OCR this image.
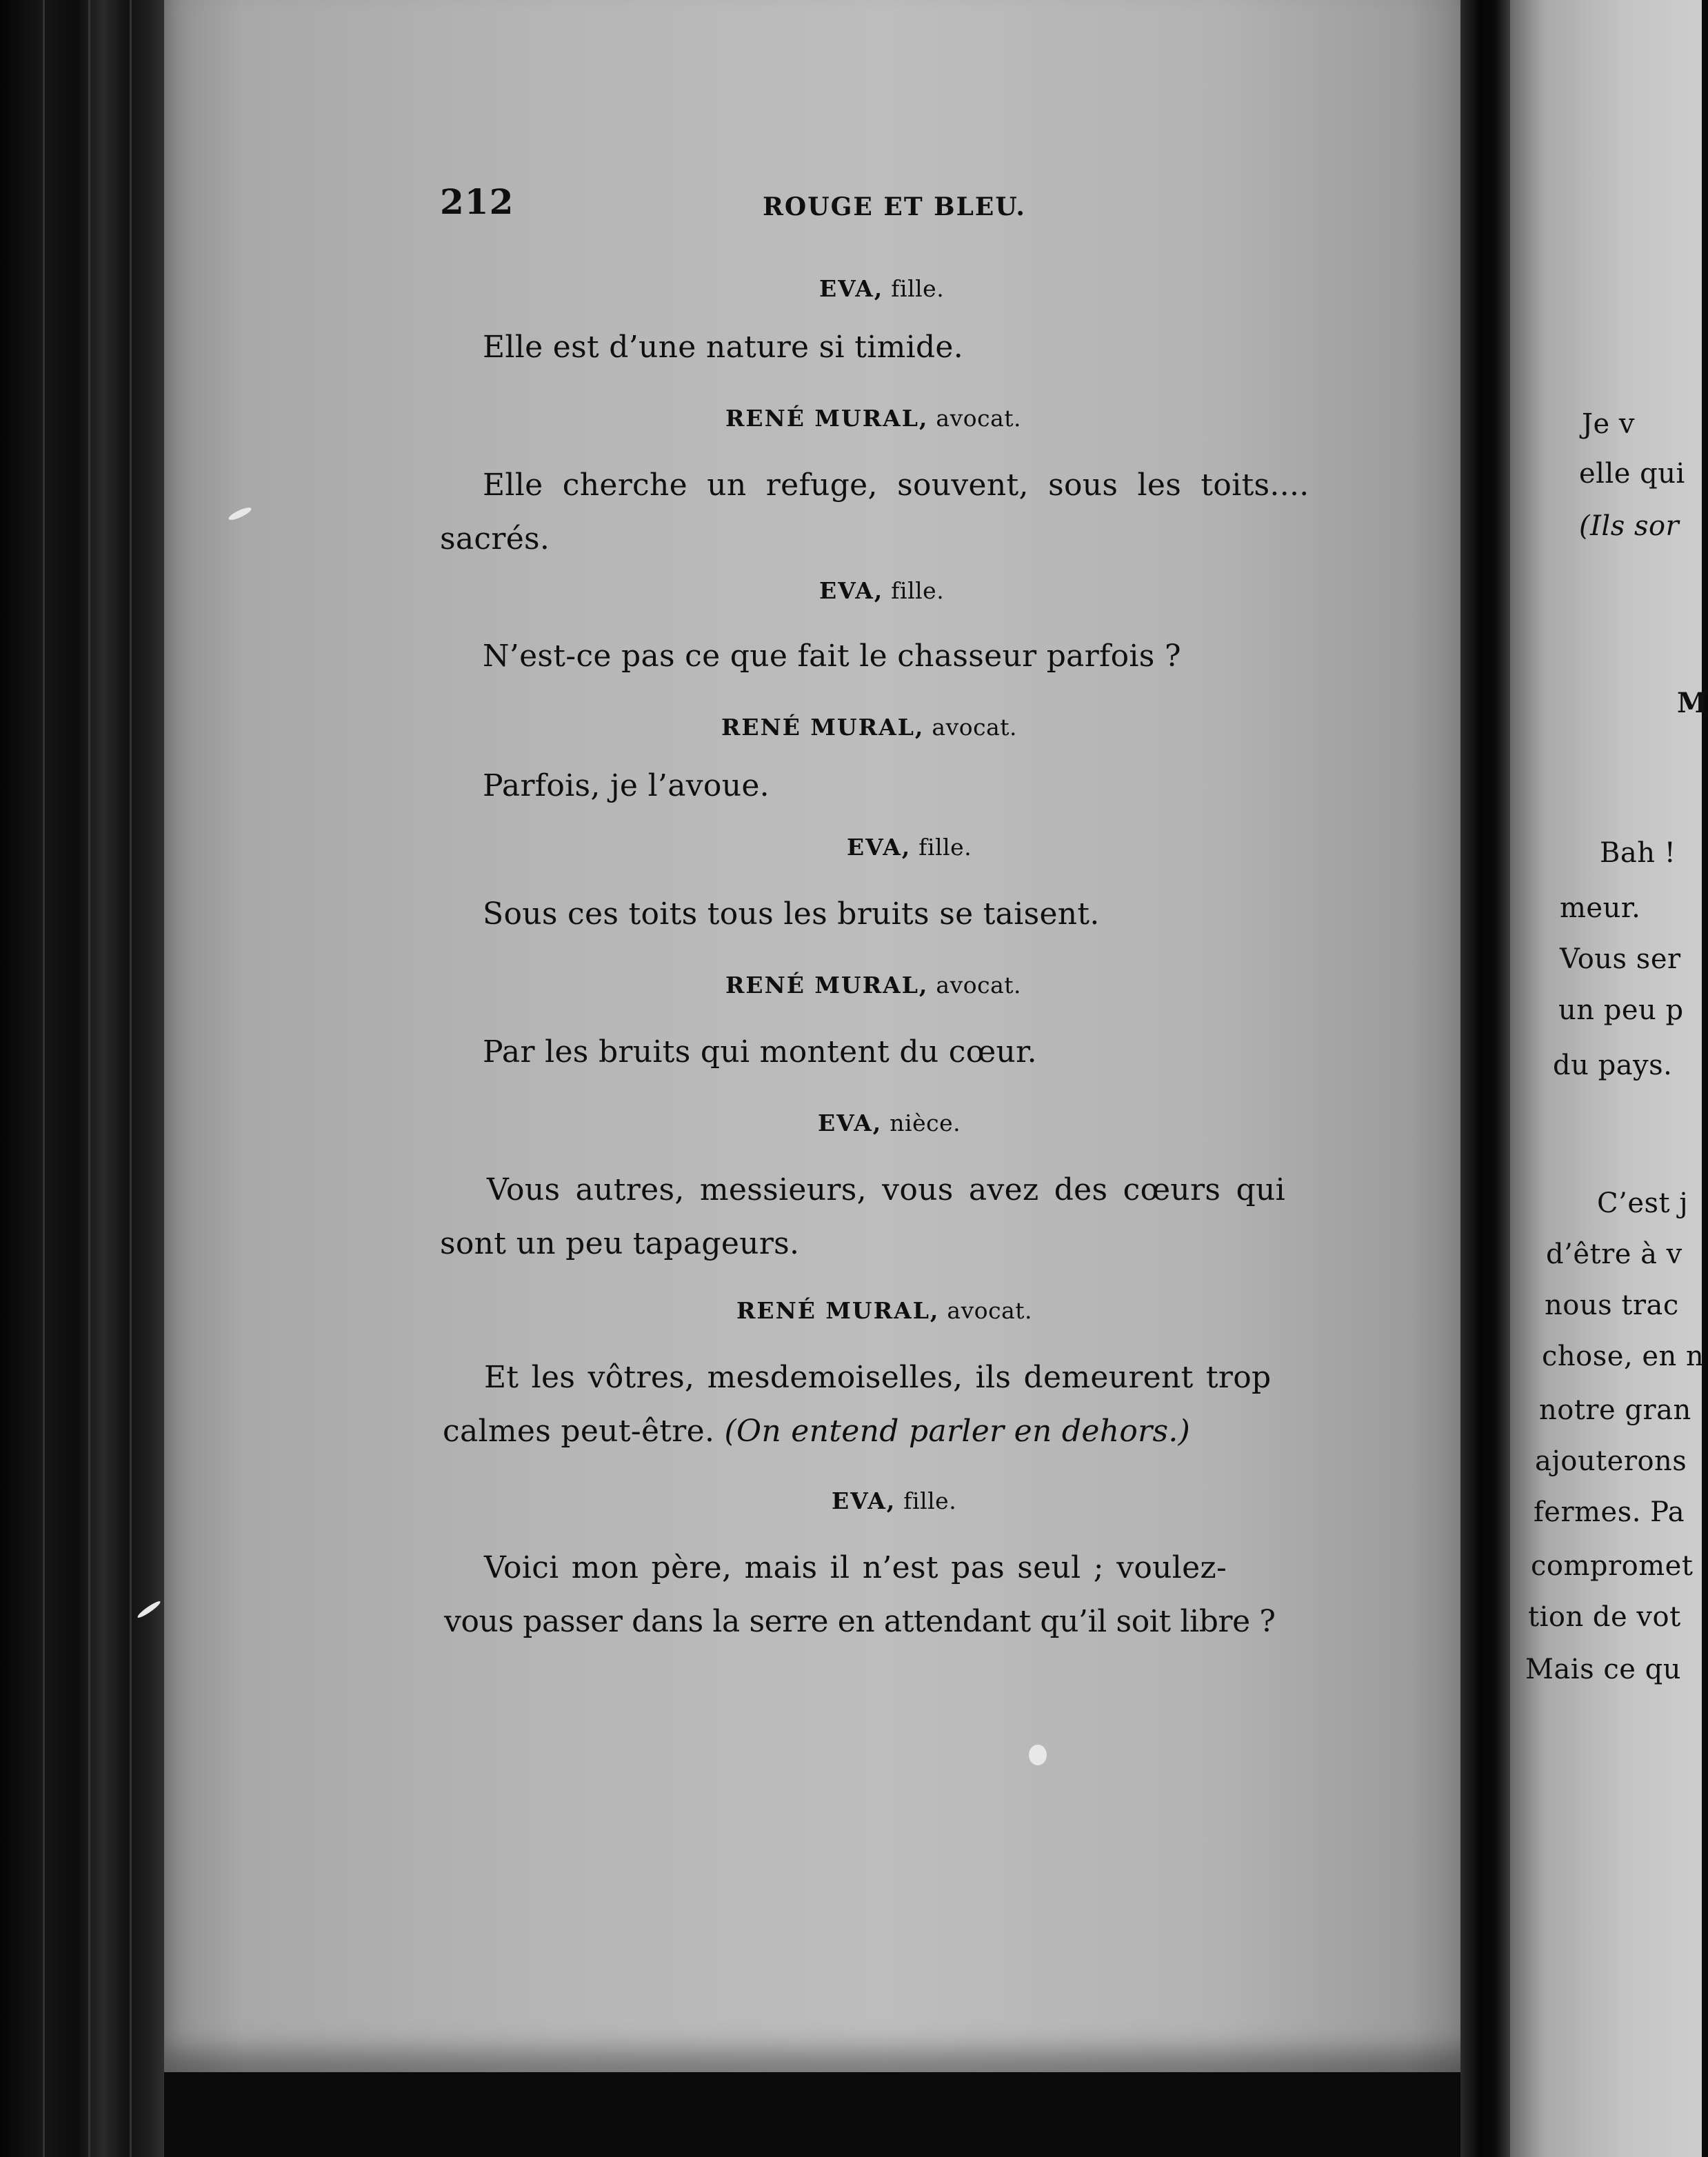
212	ROUGE ET BLEU.
EVA, fille.
Elle est d’une nature si timide.
RENÉ MURAL, avocat.
Elle cherche un refuge, souvent, sous les toits....
sacrés.
EVA, fille.
N’est-ce pas ce que fait le chasseur parfois ?
RENÉ MURAL, avocat.
Parfois, je l’avoue.
EVA, fille.
Sous ces toits tous les bruits se taisent.
RENÉ MURAL, avocat.
Par les bruits qui montent du cœur.
EVA, nièce.
Vous autres, messieurs, vous avez des cœurs qui
sont un peu tapageurs.
RENÉ MURAL, avocat.
Et les vôtres, mesdemoiselles, ils demeurent trop
calmes peut-être. (On entend parler en dehors.)
EVA, fille.
Voici mon père, mais il n’est pas seul ; voulez-
vous passer dans la serre en attendant qu’il soit libre ?
Je v
elle qui
(Ils sor
M
Bah !
meur.
Vous ser
un peu p
du pays.
C’est j
d’être à v
nous trac
chose, en n
notre gran
ajouterons
fermes. Pa
compromet
tion de vot
Mais ce qu
